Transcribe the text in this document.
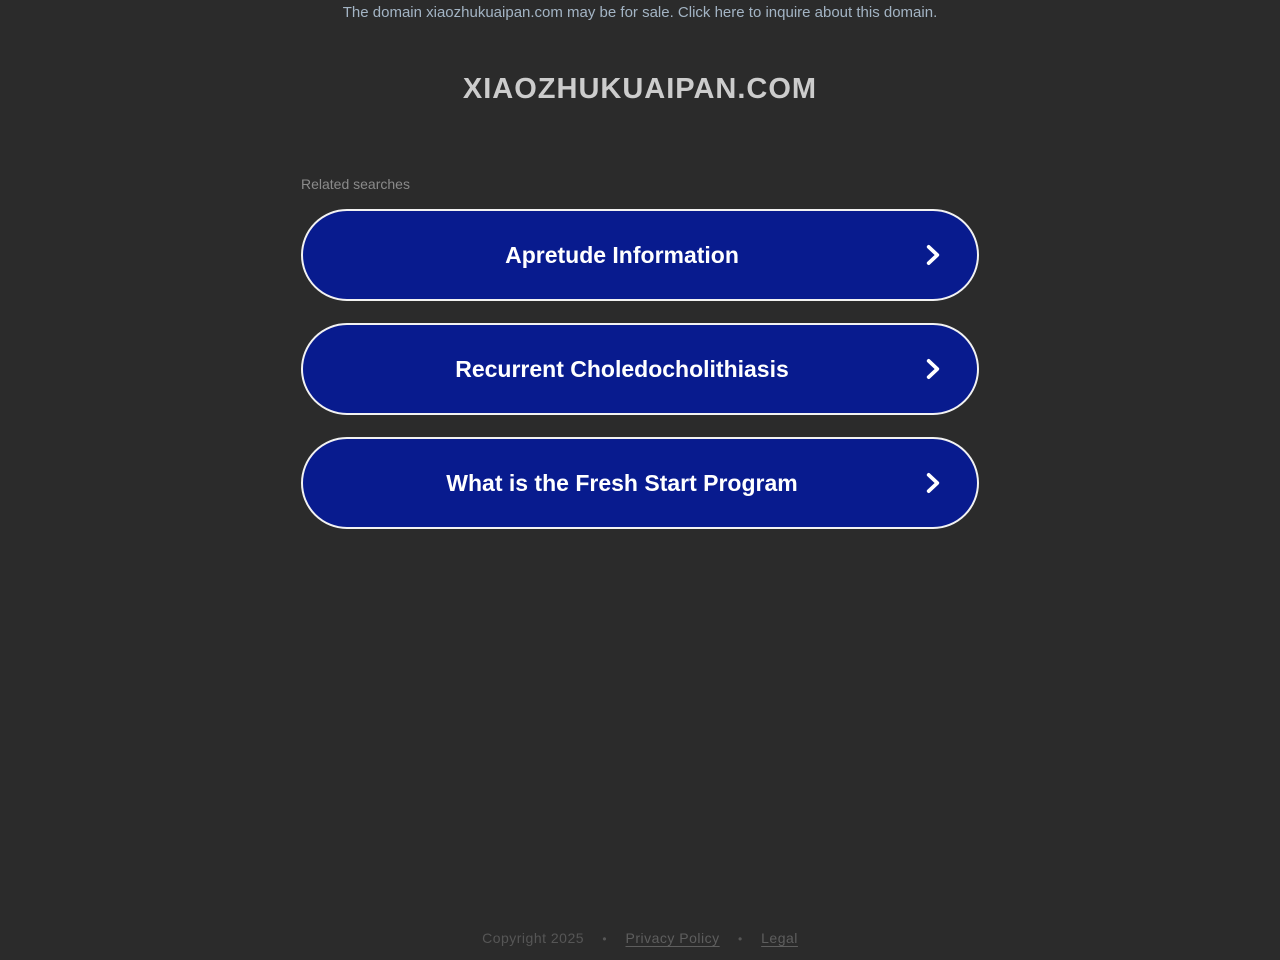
The domain xiaozhukuaipan.com may be for sale. Click here to inquire about this domain.
XIAOZHUKUAIPAN.COM
Related searches
Apretude Information
Recurrent Choledocholithiasis
What is the Fresh Start Program
Copyright 2025 • Privacy Policy • Legal
